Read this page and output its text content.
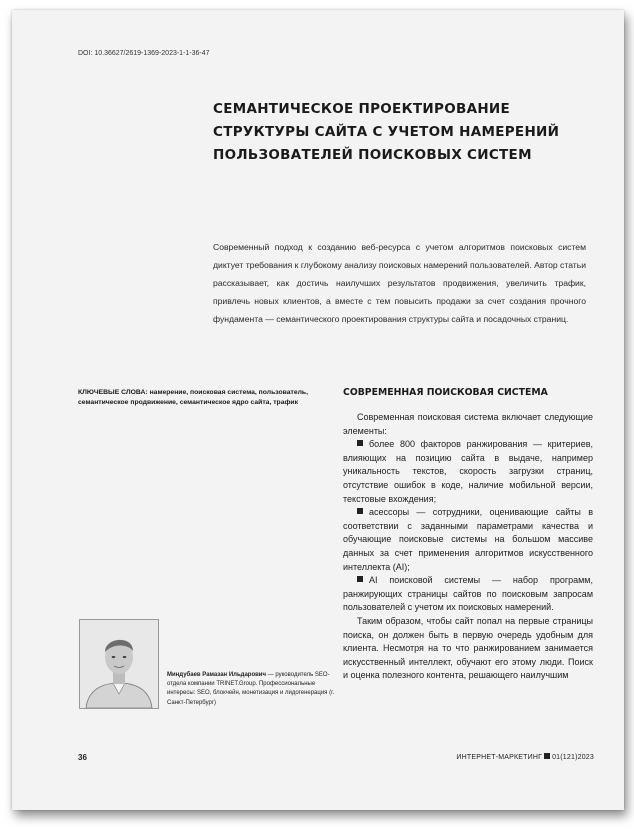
DOI: 10.36627/2619-1369-2023-1-1-36-47
СЕМАНТИЧЕСКОЕ ПРОЕКТИРОВАНИЕ СТРУКТУРЫ САЙТА С УЧЕТОМ НАМЕРЕНИЙ ПОЛЬЗОВАТЕЛЕЙ ПОИСКОВЫХ СИСТЕМ

Современный подход к созданию веб-ресурса с учетом алгоритмов поисковых систем диктует требования к глубокому анализу поисковых намерений пользователей. Автор статьи рассказывает, как достичь наилучших результатов продвижения, увеличить трафик, привлечь новых клиентов, а вместе с тем повысить продажи за счет создания прочного фундамента — семантического проектирования структуры сайта и посадочных страниц.

КЛЮЧЕВЫЕ СЛОВА: намерение, поисковая система, пользователь, семантическое продвижение, семантическое ядро сайта, трафик
СОВРЕМЕННАЯ ПОИСКОВАЯ СИСТЕМА

Современная поисковая система включает следующие элементы:

более 800 факторов ранжирования — критериев, влияющих на позицию сайта в выдаче, например уникальность текстов, скорость загрузки страниц, отсутствие ошибок в коде, наличие мобильной версии, текстовые вхождения;

асессоры — сотрудники, оценивающие сайты в соответствии с заданными параметрами качества и обучающие поисковые системы на большом массиве данных за счет применения алгоритмов искусственного интеллекта (AI);

AI поисковой системы — набор программ, ранжирующих страницы сайтов по поисковым запросам пользователей с учетом их поисковых намерений.

Таким образом, чтобы сайт попал на первые страницы поиска, он должен быть в первую очередь удобным для клиента. Несмотря на то что ранжированием занимается искусственный интеллект, обучают его этому люди. Поиск и оценка полезного контента, решающего наилучшим

Миндубаев Рамазан Ильдарович — руководитель SEO-отдела компании TRINET.Group. Профессиональные интересы: SEO, блокчейн, монетизация и лидогенерация (г. Санкт-Петербург)
36	ИНТЕРНЕТ-МАРКЕТИНГ 01(121)2023
